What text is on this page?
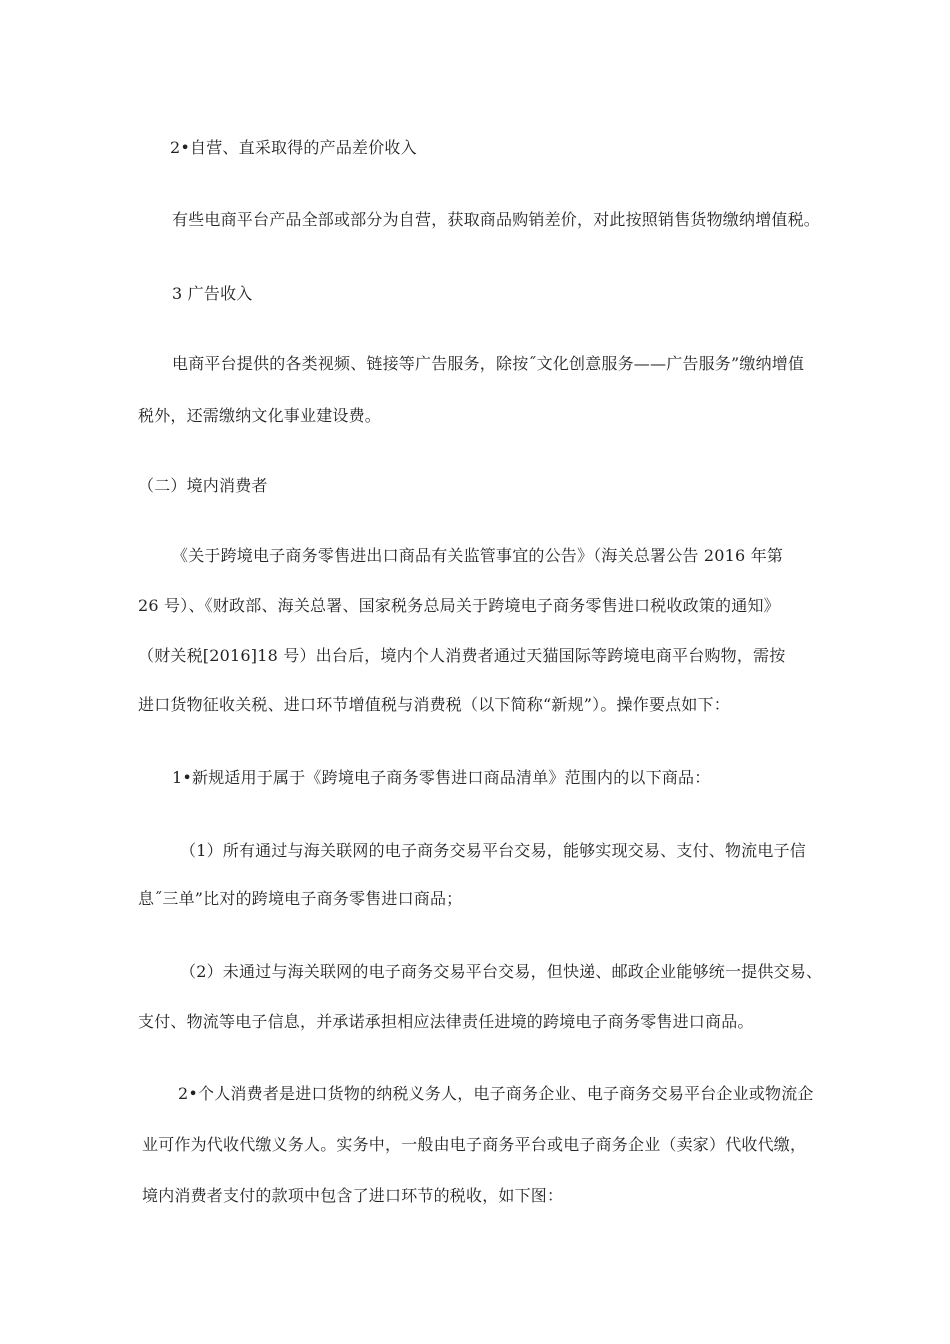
2•自营、直采取得的产品差价收入
有些电商平台产品全部或部分为自营，获取商品购销差价，对此按照销售货物缴纳增值税。
3 广告收入
电商平台提供的各类视频、链接等广告服务，除按˝文化创意服务——广告服务”缴纳增值
税外，还需缴纳文化事业建设费。
（二）境内消费者
《关于跨境电子商务零售进出口商品有关监管事宜的公告》（海关总署公告 2016 年第
26 号）、《财政部、海关总署、国家税务总局关于跨境电子商务零售进口税收政策的通知》
（财关税[2016]18 号）出台后，境内个人消费者通过天猫国际等跨境电商平台购物，需按
进口货物征收关税、进口环节增值税与消费税（以下简称“新规”）。操作要点如下：
1•新规适用于属于《跨境电子商务零售进口商品清单》范围内的以下商品：
（1）所有通过与海关联网的电子商务交易平台交易，能够实现交易、支付、物流电子信
息˝三单”比对的跨境电子商务零售进口商品；
（2）未通过与海关联网的电子商务交易平台交易，但快递、邮政企业能够统一提供交易、
支付、物流等电子信息，并承诺承担相应法律责任进境的跨境电子商务零售进口商品。
2•个人消费者是进口货物的纳税义务人，电子商务企业、电子商务交易平台企业或物流企
业可作为代收代缴义务人。实务中，一般由电子商务平台或电子商务企业（卖家）代收代缴，
境内消费者支付的款项中包含了进口环节的税收，如下图：
